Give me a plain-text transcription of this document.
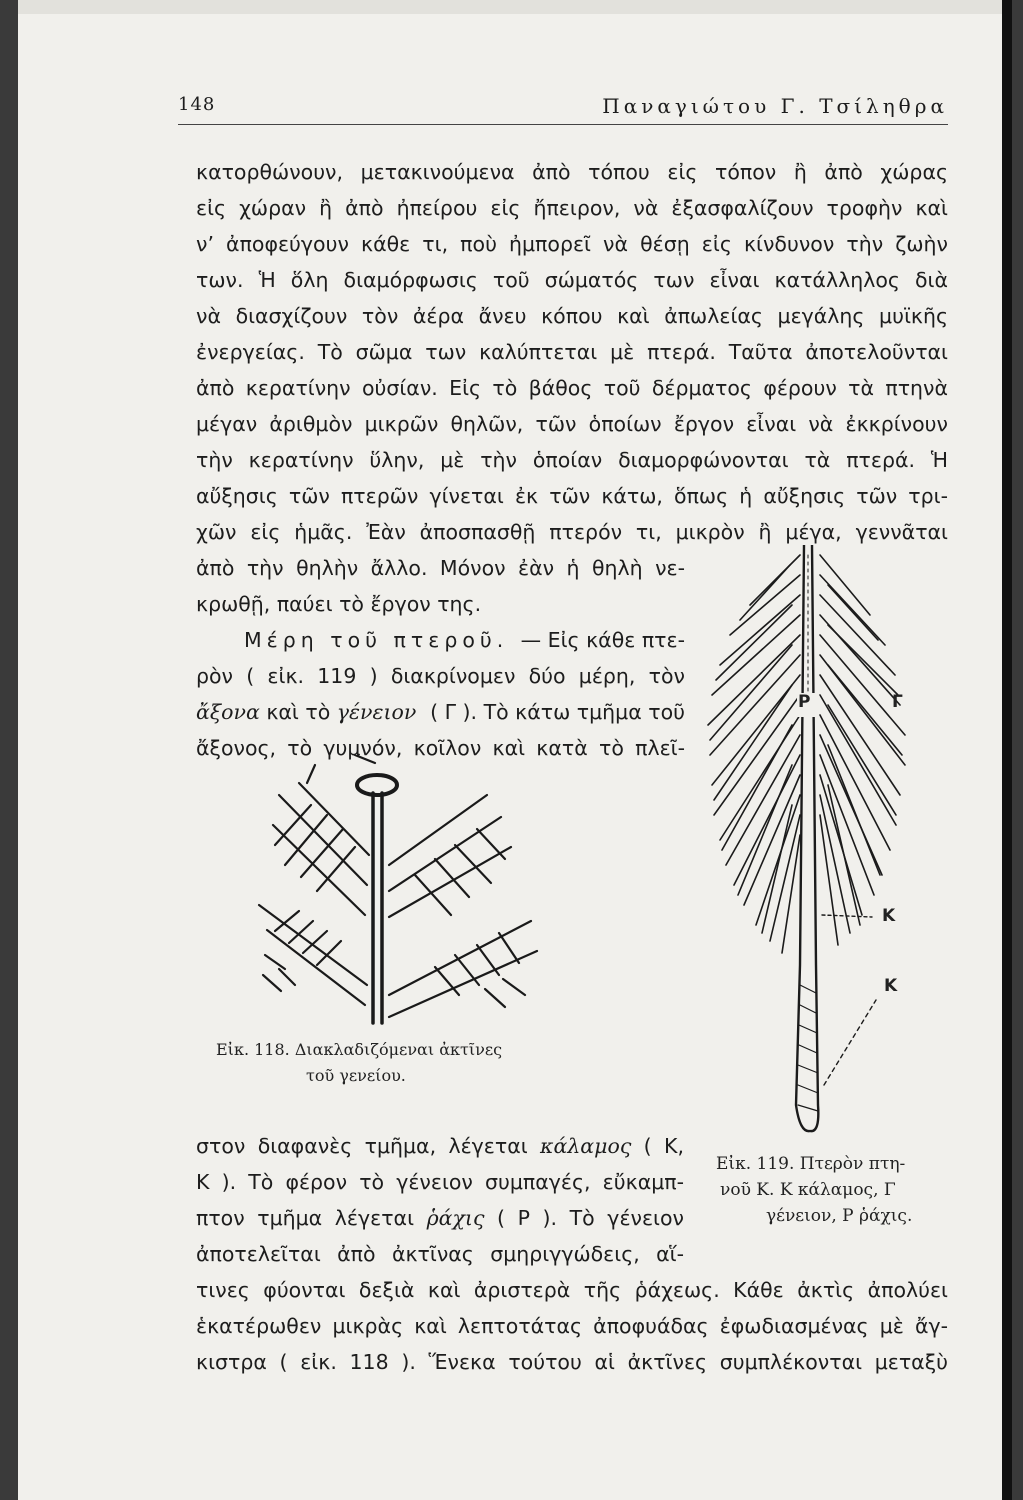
148	Παναγιώτου Γ. Τσίληθρα
κατορθώνουν, μετακινούμενα ἀπὸ τόπου εἰς τόπον ἢ ἀπὸ χώρας
εἰς χώραν ἢ ἀπὸ ἠπείρου εἰς ἤπειρον, νὰ ἐξασφαλίζουν τροφὴν καὶ
ν’ ἀποφεύγουν κάθε τι, ποὺ ἠμπορεῖ νὰ θέσῃ εἰς κίνδυνον τὴν ζωὴν
των. Ἡ ὅλη διαμόρφωσις τοῦ σώματός των εἶναι κατάλληλος διὰ
νὰ διασχίζουν τὸν ἀέρα ἄνευ κόπου καὶ ἀπωλείας μεγάλης μυϊκῆς
ἐνεργείας. Τὸ σῶμα των καλύπτεται μὲ πτερά. Ταῦτα ἀποτελοῦνται
ἀπὸ κερατίνην οὐσίαν. Εἰς τὸ βάθος τοῦ δέρματος φέρουν τὰ πτηνὰ
μέγαν ἀριθμὸν μικρῶν θηλῶν, τῶν ὁποίων ἔργον εἶναι νὰ ἐκκρίνουν
τὴν κερατίνην ὕλην, μὲ τὴν ὁποίαν διαμορφώνονται τὰ πτερά. Ἡ
αὔξησις τῶν πτερῶν γίνεται ἐκ τῶν κάτω, ὅπως ἡ αὔξησις τῶν τρι-
χῶν εἰς ἡμᾶς. Ἐὰν ἀποσπασθῇ πτερόν τι, μικρὸν ἢ μέγα, γεννᾶται
ἀπὸ τὴν θηλὴν ἄλλο. Μόνον ἐὰν ἡ θηλὴ νε-
κρωθῇ, παύει τὸ ἔργον της.
Μέρη τοῦ πτεροῦ. — Εἰς κάθε πτε-
ρὸν ( εἰκ. 119 ) διακρίνομεν δύο μέρη, τὸν
ἄξονα καὶ τὸ γένειον ( Γ ). Τὸ κάτω τμῆμα τοῦ
ἄξονος, τὸ γυμνόν, κοῖλον καὶ κατὰ τὸ πλεῖ-
Εἰκ. 118. Διακλαδιζόμεναι ἀκτῖνες
τοῦ γενείου.
Ρ	Γ
Κ
Κ
Εἰκ. 119. Πτερὸν πτη-
νοῦ Κ. Κ κάλαμος, Γ
γένειον, Ρ ῥάχις.
στον διαφανὲς τμῆμα, λέγεται κάλαμος ( Κ,
Κ ). Τὸ φέρον τὸ γένειον συμπαγές, εὔκαμπ-
πτον τμῆμα λέγεται ῥάχις ( Ρ ). Τὸ γένειον
ἀποτελεῖται ἀπὸ ἀκτῖνας σμηριγγώδεις, αἵ-
τινες φύονται δεξιὰ καὶ ἀριστερὰ τῆς ῥάχεως. Κάθε ἀκτὶς ἀπολύει
ἑκατέρωθεν μικρὰς καὶ λεπτοτάτας ἀποφυάδας ἐφωδιασμένας μὲ ἄγ-
κιστρα ( εἰκ. 118 ). Ἕνεκα τούτου αἱ ἀκτῖνες συμπλέκονται μεταξὺ
